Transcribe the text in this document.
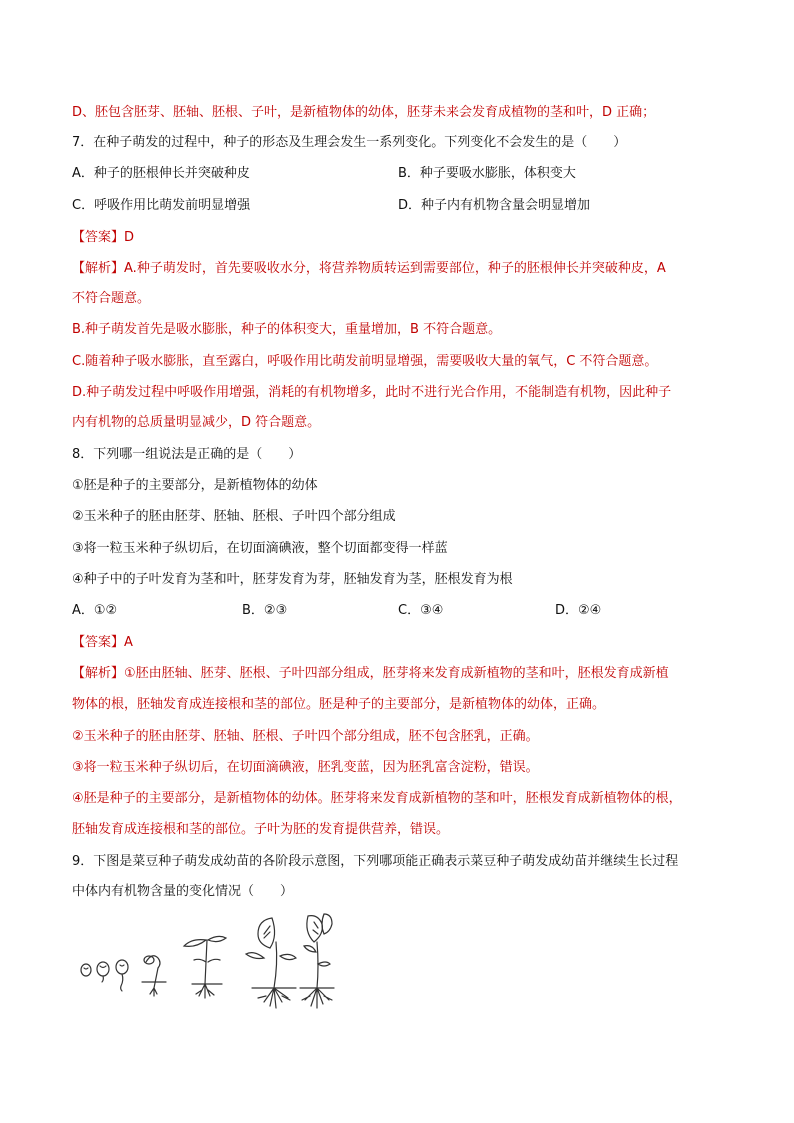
D、胚包含胚芽、胚轴、胚根、子叶，是新植物体的幼体，胚芽未来会发育成植物的茎和叶，D 正确；
7．在种子萌发的过程中，种子的形态及生理会发生一系列变化。下列变化不会发生的是（　　）
A．种子的胚根伸长并突破种皮	B．种子要吸水膨胀，体积变大
C．呼吸作用比萌发前明显增强	D．种子内有机物含量会明显增加
【答案】D
【解析】A.种子萌发时，首先要吸收水分，将营养物质转运到需要部位，种子的胚根伸长并突破种皮，A
不符合题意。
B.种子萌发首先是吸水膨胀，种子的体积变大，重量增加，B 不符合题意。
C.随着种子吸水膨胀，直至露白，呼吸作用比萌发前明显增强，需要吸收大量的氧气，C 不符合题意。
D.种子萌发过程中呼吸作用增强，消耗的有机物增多，此时不进行光合作用，不能制造有机物，因此种子
内有机物的总质量明显减少，D 符合题意。
8．下列哪一组说法是正确的是（　　）
①胚是种子的主要部分，是新植物体的幼体
②玉米种子的胚由胚芽、胚轴、胚根、子叶四个部分组成
③将一粒玉米种子纵切后，在切面滴碘液，整个切面都变得一样蓝
④种子中的子叶发育为茎和叶，胚芽发育为芽，胚轴发育为茎，胚根发育为根
A．①②	B．②③	C．③④	D．②④
【答案】A
【解析】①胚由胚轴、胚芽、胚根、子叶四部分组成，胚芽将来发育成新植物的茎和叶，胚根发育成新植
物体的根，胚轴发育成连接根和茎的部位。胚是种子的主要部分，是新植物体的幼体，正确。
②玉米种子的胚由胚芽、胚轴、胚根、子叶四个部分组成，胚不包含胚乳，正确。
③将一粒玉米种子纵切后，在切面滴碘液，胚乳变蓝，因为胚乳富含淀粉，错误。
④胚是种子的主要部分，是新植物体的幼体。胚芽将来发育成新植物的茎和叶，胚根发育成新植物体的根，
胚轴发育成连接根和茎的部位。子叶为胚的发育提供营养，错误。
9．下图是菜豆种子萌发成幼苗的各阶段示意图，下列哪项能正确表示菜豆种子萌发成幼苗并继续生长过程
中体内有机物含量的变化情况（　　）
